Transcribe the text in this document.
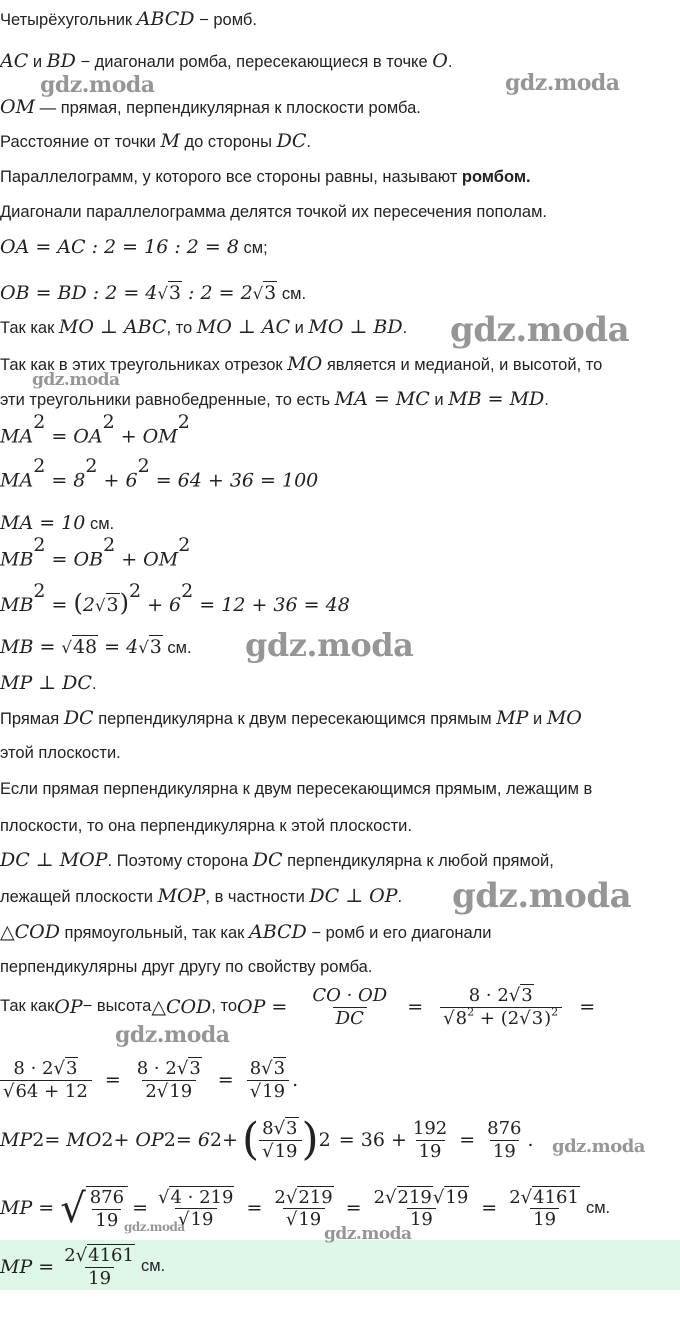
Четырёхугольник ABCD − ромб.
AC и BD − диагонали ромба, пересекающиеся в точке O.
OM — прямая, перпендикулярная к плоскости ромба.
Расстояние от точки M до стороны DC.
Параллелограмм, у которого все стороны равны, называют ромбом.
Диагонали параллелограмма делятся точкой их пересечения пополам.
OA = AC : 2 = 16 : 2 = 8 см;
OB = BD : 2 = 4√3 : 2 = 2√3 см.
Так как MO ⊥ ABC, то MO ⊥ AC и MO ⊥ BD.
Так как в этих треугольниках отрезок MO является и медианой, и высотой, то
эти треугольники равнобедренные, то есть MA = MC и MB = MD.
$MA^2 = OA^2 + OM^2$
$MA^2 = 8^2 + 6^2 = 64 + 36 = 100$
MA = 10 см.
$MB^2 = OB^2 + OM^2$
$MB^2 = (2√3)^2 + 6^2 = 12 + 36 = 48$
MB = √48 = 4√3 см.
MP ⊥ DC.
Прямая DC перпендикулярна к двум пересекающимся прямым MP и MO
этой плоскости.
Если прямая перпендикулярна к двум пересекающимся прямым, лежащим в
плоскости, то она перпендикулярна к этой плоскости.
DC ⊥ MOP. Поэтому сторона DC перпендикулярна к любой прямой,
лежащей плоскости MOP, в частности DC ⊥ OP.
△COD прямоугольный, так как ABCD − ромб и его диагонали
перпендикулярны друг другу по свойству ромба.
Так как OP − высота △COD , то OP = $\frac{CO \cdot OD}{DC} = \frac{8 \cdot 2√3}{√8^2 + (2√3)^2}$ =
$\frac{8 \cdot 2√3}{√64 + 12} = \frac{8 \cdot 2√3}{2√19} = \frac{8√3}{√19}$ .
MP 2 = MO 2 + OP 2 = 6 2 + ( $\frac{8√3}{√19}$ ) $2 = 36 + \frac{192}{19} = \frac{876}{19}$ .
MP = √ $\frac{876}{19} = \frac{√4 \cdot 219}{√19} = \frac{2√219}{√19} = \frac{2√219√19}{19} = \frac{2√4161}{19}$ см.
MP = $\frac{2√4161}{19}$ см.
gdz.moda	gdz.moda
gdz.moda
gdz.moda
gdz.moda
gdz.moda
gdz.moda
gdz.moda
gdz.moda	gdz.moda
